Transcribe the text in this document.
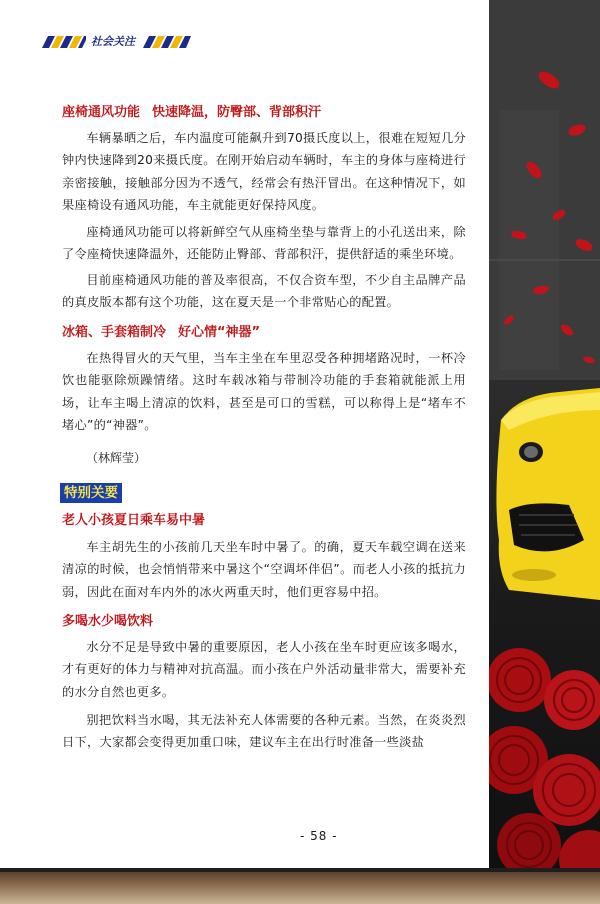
社会关注
座椅通风功能 快速降温，防臀部、背部积汗

车辆暴晒之后，车内温度可能飙升到70摄氏度以上，很难在短短几分钟内快速降到20来摄氏度。在刚开始启动车辆时，车主的身体与座椅进行亲密接触，接触部分因为不透气，经常会有热汗冒出。在这种情况下，如果座椅设有通风功能，车主就能更好保持风度。

座椅通风功能可以将新鲜空气从座椅坐垫与靠背上的小孔送出来，除了令座椅快速降温外，还能防止臀部、背部积汗，提供舒适的乘坐环境。

目前座椅通风功能的普及率很高，不仅合资车型，不少自主品牌产品的真皮版本都有这个功能，这在夏天是一个非常贴心的配置。

冰箱、手套箱制冷 好心情“神器”

在热得冒火的天气里，当车主坐在车里忍受各种拥堵路况时，一杯冷饮也能驱除烦躁情绪。这时车载冰箱与带制冷功能的手套箱就能派上用场，让车主喝上清凉的饮料，甚至是可口的雪糕，可以称得上是“堵车不堵心”的“神器”。

（林辉莹）
特别关要
老人小孩夏日乘车易中暑

车主胡先生的小孩前几天坐车时中暑了。的确，夏天车载空调在送来清凉的时候，也会悄悄带来中暑这个“空调坏伴侣”。而老人小孩的抵抗力弱，因此在面对车内外的冰火两重天时，他们更容易中招。

多喝水少喝饮料

水分不足是导致中暑的重要原因，老人小孩在坐车时更应该多喝水，才有更好的体力与精神对抗高温。而小孩在户外活动量非常大，需要补充的水分自然也更多。

别把饮料当水喝，其无法补充人体需要的各种元素。当然，在炎炎烈日下，大家都会变得更加重口味，建议车主在出行时准备一些淡盐

- 58 -
